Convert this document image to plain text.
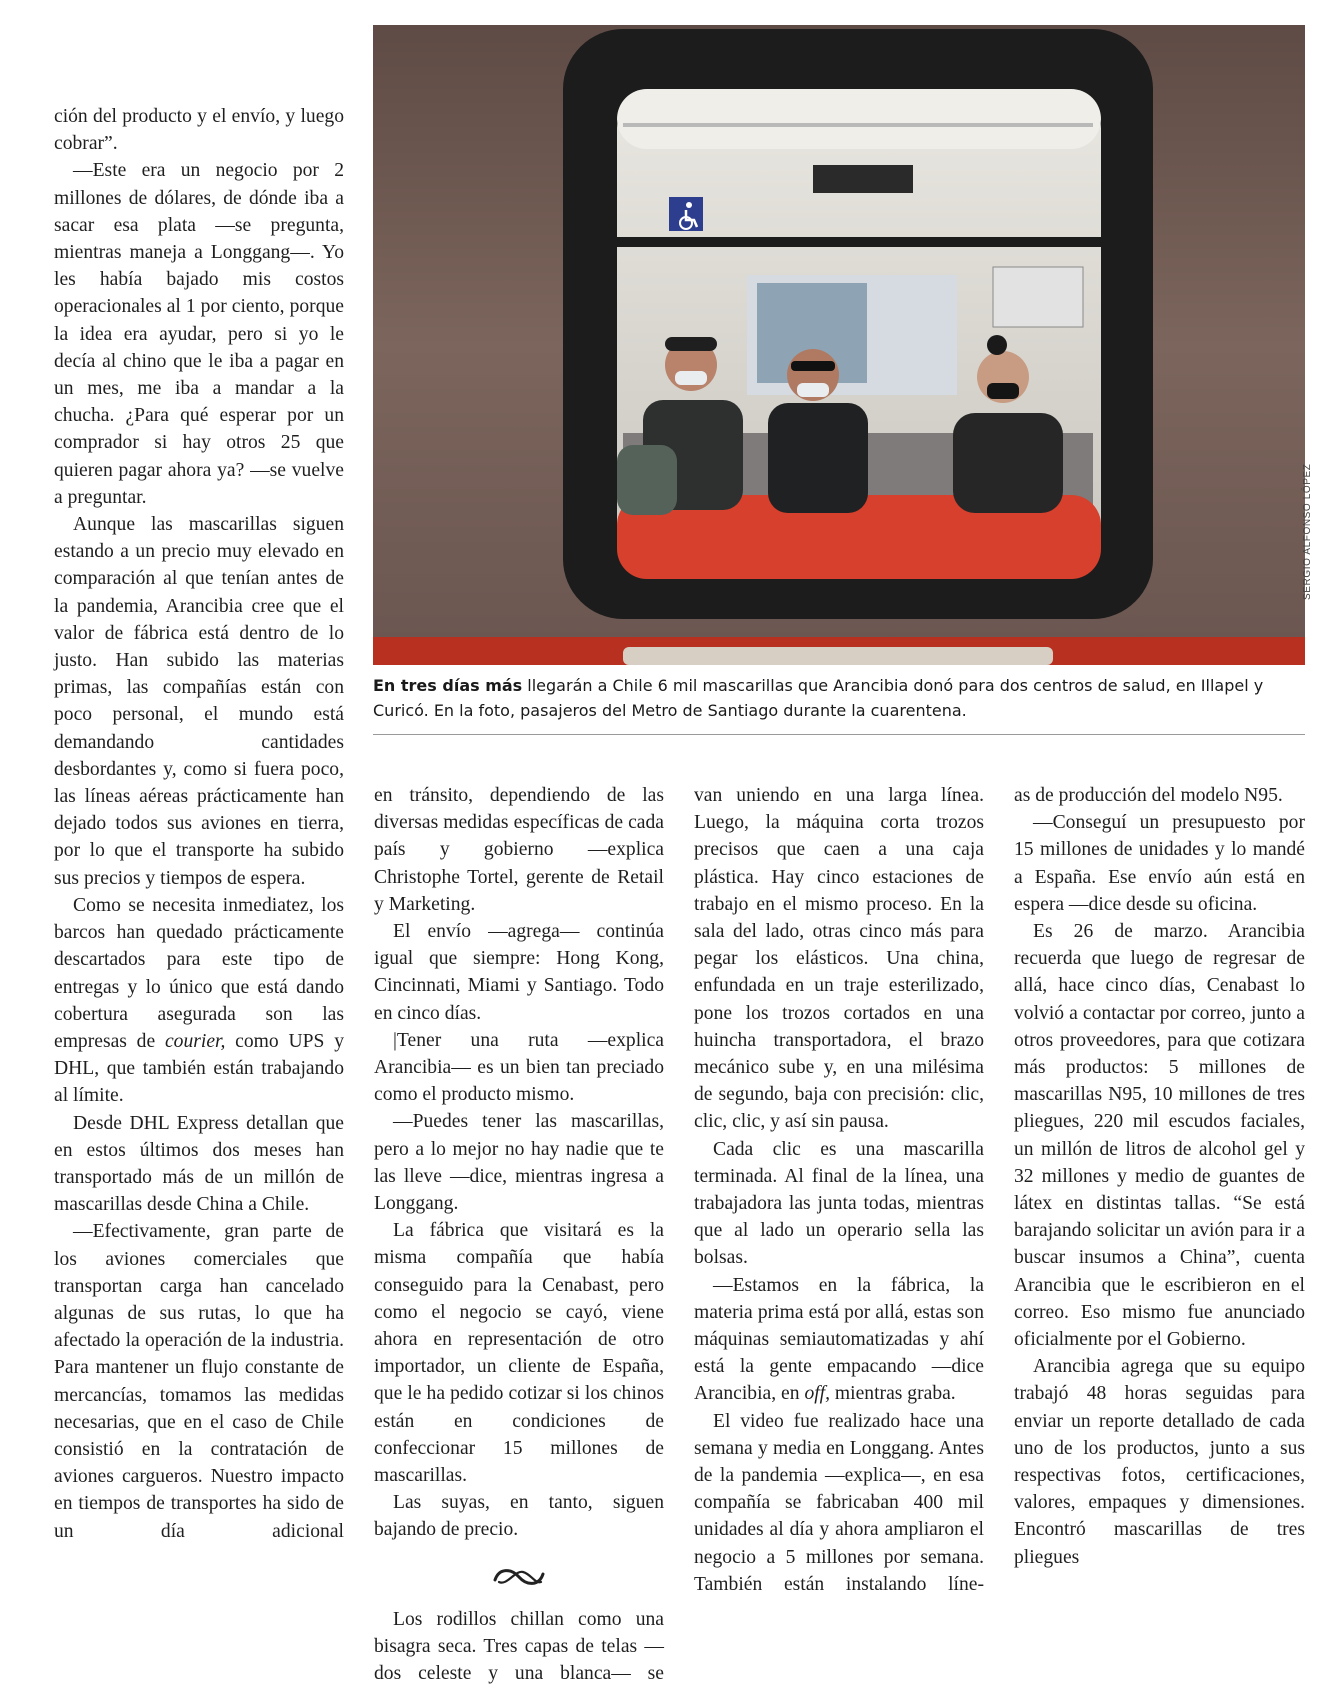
ción del producto y el envío, y luego cobrar”.

—Este era un negocio por 2 millones de dólares, de dónde iba a sacar esa plata —se pregunta, mientras maneja a Longgang—. Yo les había bajado mis costos operacionales al 1 por ciento, porque la idea era ayudar, pero si yo le decía al chino que le iba a pagar en un mes, me iba a mandar a la chucha. ¿Para qué esperar por un comprador si hay otros 25 que quieren pagar ahora ya? —se vuelve a preguntar.

Aunque las mascarillas siguen estando a un precio muy elevado en comparación al que tenían antes de la pandemia, Arancibia cree que el valor de fábrica está dentro de lo justo. Han subido las materias primas, las compañías están con poco personal, el mundo está demandando cantidades desbordantes y, como si fuera poco, las líneas aéreas prácticamente han dejado todos sus aviones en tierra, por lo que el transporte ha subido sus precios y tiempos de espera.

Como se necesita inmediatez, los barcos han quedado prácticamente descartados para este tipo de entregas y lo único que está dando cobertura asegurada son las empresas de courier, como UPS y DHL, que también están trabajando al límite.

Desde DHL Express detallan que en estos últimos dos meses han transportado más de un millón de mascarillas desde China a Chile.

—Efectivamente, gran parte de los aviones comerciales que transportan carga han cancelado algunas de sus rutas, lo que ha afectado la operación de la industria. Para mantener un flujo constante de mercancías, tomamos las medidas necesarias, que en el caso de Chile consistió en la contratación de aviones cargueros. Nuestro impacto en tiempos de transportes ha sido de un día adicional

SERGIO ALFONSO LÓPEZ
En tres días más llegarán a Chile 6 mil mascarillas que Arancibia donó para dos centros de salud, en Illapel y Curicó. En la foto, pasajeros del Metro de Santiago durante la cuarentena.

en tránsito, dependiendo de las diversas medidas específicas de cada país y gobierno —explica Christophe Tortel, gerente de Retail y Marketing.

El envío —agrega— continúa igual que siempre: Hong Kong, Cincinnati, Miami y Santiago. Todo en cinco días.

|Tener una ruta —explica Arancibia— es un bien tan preciado como el producto mismo.

—Puedes tener las mascarillas, pero a lo mejor no hay nadie que te las lleve —dice, mientras ingresa a Longgang.

La fábrica que visitará es la misma compañía que había conseguido para la Cenabast, pero como el negocio se cayó, viene ahora en representación de otro importador, un cliente de España, que le ha pedido cotizar si los chinos están en condiciones de confeccionar 15 millones de mascarillas.

Las suyas, en tanto, siguen bajando de precio.

Los rodillos chillan como una bisagra seca. Tres capas de telas —dos celeste y una blanca— se

van uniendo en una larga línea. Luego, la máquina corta trozos precisos que caen a una caja plástica. Hay cinco estaciones de trabajo en el mismo proceso. En la sala del lado, otras cinco más para pegar los elásticos. Una china, enfundada en un traje esterilizado, pone los trozos cortados en una huincha transportadora, el brazo mecánico sube y, en una milésima de segundo, baja con precisión: clic, clic, clic, y así sin pausa.

Cada clic es una mascarilla terminada. Al final de la línea, una trabajadora las junta todas, mientras que al lado un operario sella las bolsas.

—Estamos en la fábrica, la materia prima está por allá, estas son máquinas semiautomatizadas y ahí está la gente empacando —dice Arancibia, en off, mientras graba.

El video fue realizado hace una semana y media en Longgang. Antes de la pandemia —explica—, en esa compañía se fabricaban 400 mil unidades al día y ahora ampliaron el negocio a 5 millones por semana. También están instalando líne-

as de producción del modelo N95.

—Conseguí un presupuesto por 15 millones de unidades y lo mandé a España. Ese envío aún está en espera —dice desde su oficina.

Es 26 de marzo. Arancibia recuerda que luego de regresar de allá, hace cinco días, Cenabast lo volvió a contactar por correo, junto a otros proveedores, para que cotizara más productos: 5 millones de mascarillas N95, 10 millones de tres pliegues, 220 mil escudos faciales, un millón de litros de alcohol gel y 32 millones y medio de guantes de látex en distintas tallas. “Se está barajando solicitar un avión para ir a buscar insumos a China”, cuenta Arancibia que le escribieron en el correo. Eso mismo fue anunciado oficialmente por el Gobierno.

Arancibia agrega que su equipo trabajó 48 horas seguidas para enviar un reporte detallado de cada uno de los productos, junto a sus respectivas fotos, certificaciones, valores, empaques y dimensiones. Encontró mascarillas de tres pliegues
